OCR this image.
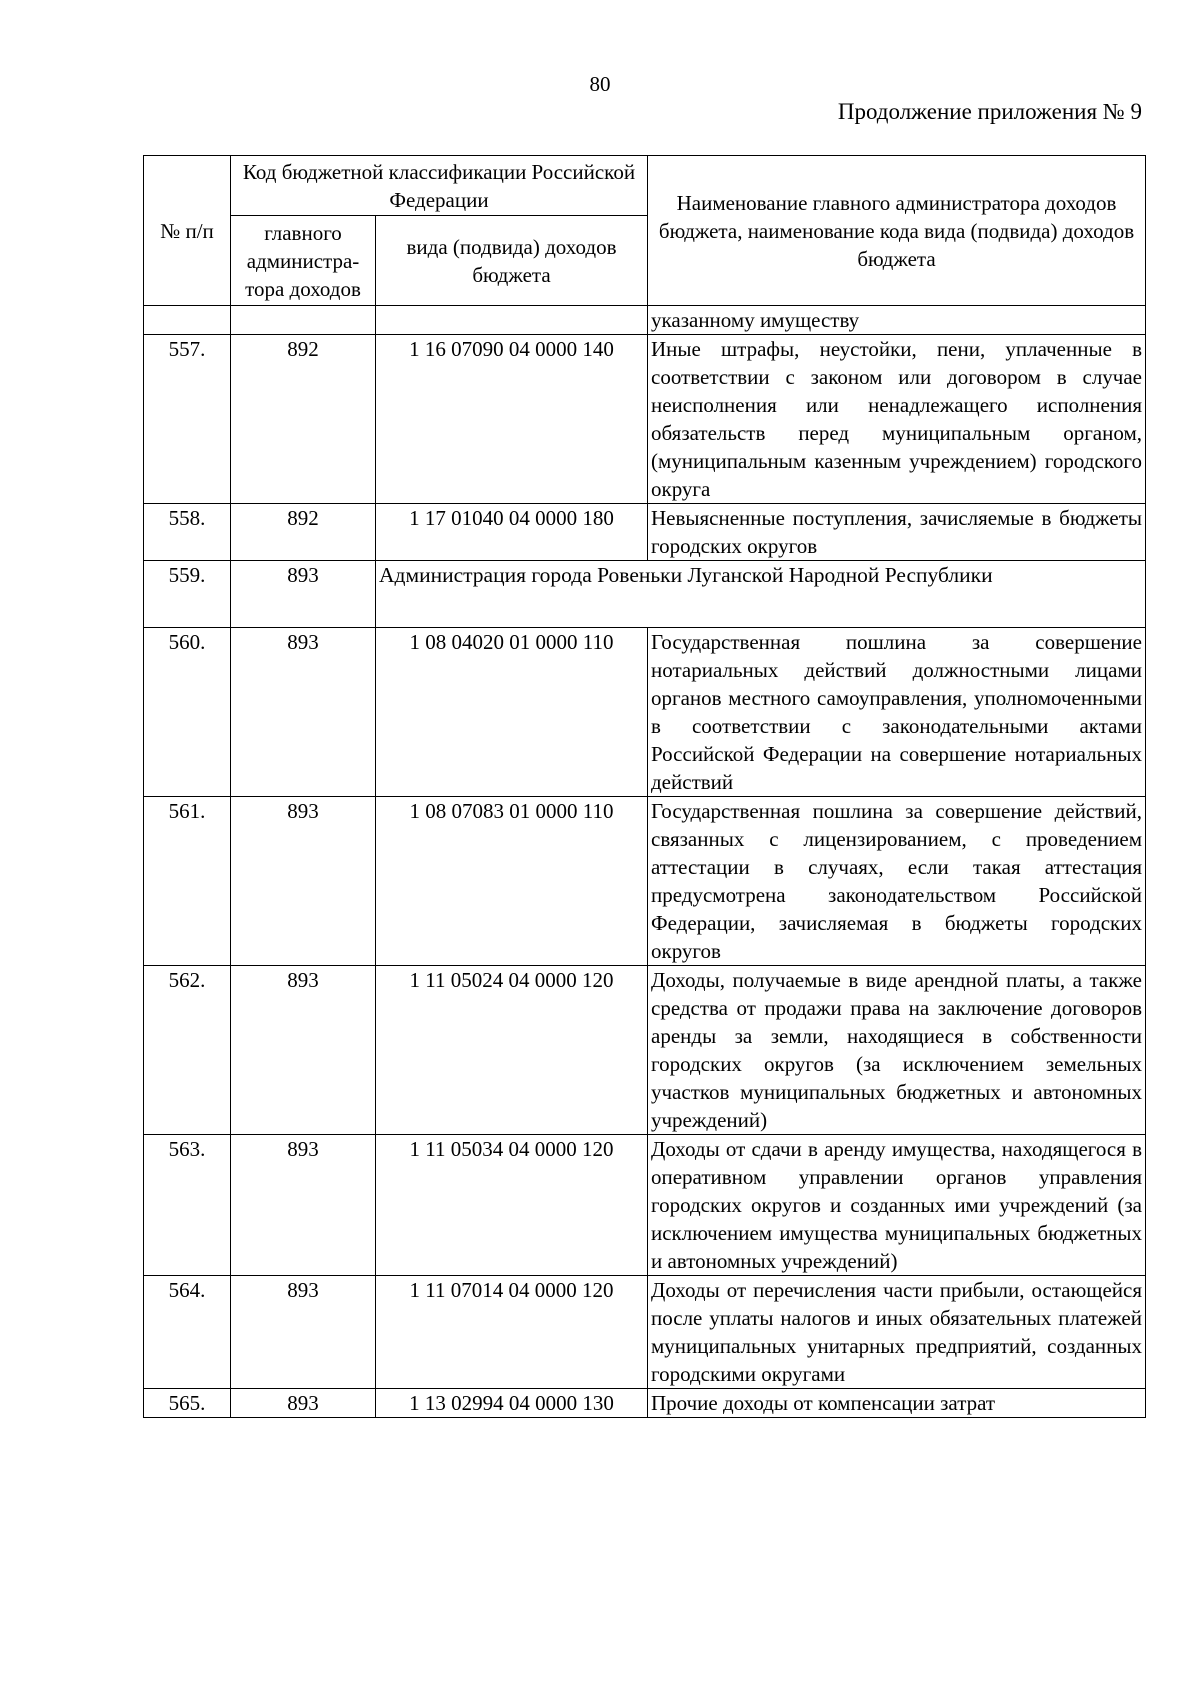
80
Продолжение приложения № 9
№ п/п	Код бюджетной классификации Российской Федерации		Наименование главного администратора доходов бюджета, наименование кода вида (подвида) доходов бюджета
	главного администра-тора доходов	вида (подвида) доходов бюджета	
			указанному имуществу
557.	892	1 16 07090 04 0000 140	Иные штрафы, неустойки, пени, уплаченные в соответствии с законом или договором в случае неисполнения или ненадлежащего исполнения обязательств перед муниципальным органом, (муниципальным казенным учреждением) городского округа
558.	892	1 17 01040 04 0000 180	Невыясненные поступления, зачисляемые в бюджеты городских округов
559.	893	Администрация города Ровеньки Луганской Народной Республики	
560.	893	1 08 04020 01 0000 110	Государственная пошлина за совершение нотариальных действий должностными лицами органов местного самоуправления, уполномоченными в соответствии с законодательными актами Российской Федерации на совершение нотариальных действий
561.	893	1 08 07083 01 0000 110	Государственная пошлина за совершение действий, связанных с лицензированием, с проведением аттестации в случаях, если такая аттестация предусмотрена законодательством Российской Федерации, зачисляемая в бюджеты городских округов
562.	893	1 11 05024 04 0000 120	Доходы, получаемые в виде арендной платы, а также средства от продажи права на заключение договоров аренды за земли, находящиеся в собственности городских округов (за исключением земельных участков муниципальных бюджетных и автономных учреждений)
563.	893	1 11 05034 04 0000 120	Доходы от сдачи в аренду имущества, находящегося в оперативном управлении органов управления городских округов и созданных ими учреждений (за исключением имущества муниципальных бюджетных и автономных учреждений)
564.	893	1 11 07014 04 0000 120	Доходы от перечисления части прибыли, остающейся после уплаты налогов и иных обязательных платежей муниципальных унитарных предприятий, созданных городскими округами
565.	893	1 13 02994 04 0000 130	Прочие доходы от компенсации затрат
